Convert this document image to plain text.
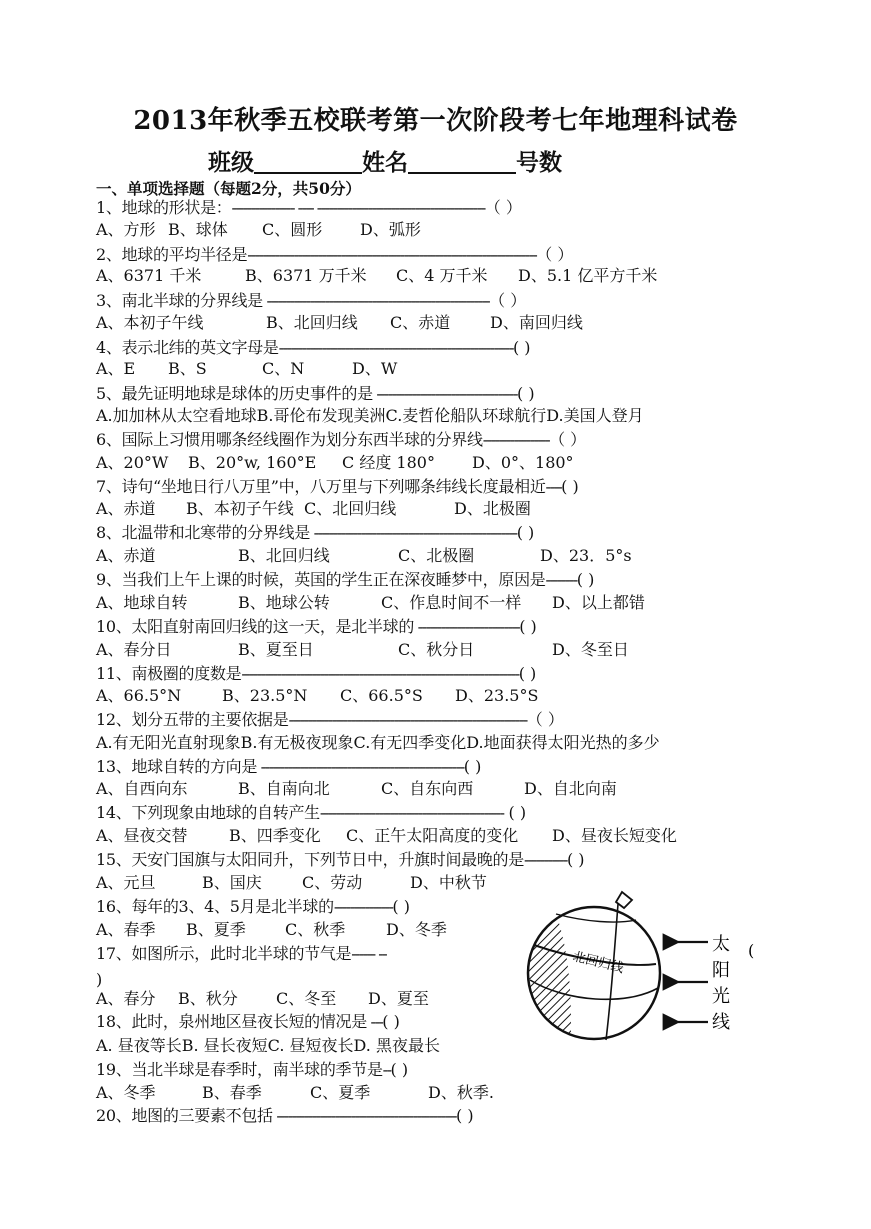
2013年秋季五校联考第一次阶段考七年地理科试卷
班级	姓名	号数
一、单项选择题（每题2分，共50分）
1、地球的形状是：---------------- ---- -------------------------------------------（ ）
A、方形 B、球体 C、圆形 D、弧形
2、地球的平均半径是--------------------------------------------------------------------------（ ）
A、6371 千米	B、6371 万千米 C、4 万千米 D、5.1 亿平方千米
3、南北半球的分界线是 ---------------------------------------------------------（ ）
A、本初子午线	B、北回归线 C、赤道 D、南回归线
4、表示北纬的英文字母是------------------------------------------------------------( )
A、E B、S	C、N	D、W
5、最先证明地球是球体的历史事件的是 ------------------------------------( )
A.加加林从太空看地球B.哥伦布发现美洲C.麦哲伦船队环球航行D.美国人登月
6、国际上习惯用哪条经线圈作为划分东西半球的分界线-----------------（ ）
A、20°W B、20°w, 160°E C 经度 180° D、0°、180°
7、诗句“坐地日行八万里”中，八万里与下列哪条纬线长度最相近----( )
A、赤道 B、本初子午线 C、北回归线	D、北极圈
8、北温带和北寒带的分界线是 ----------------------------------------------------( )
A、赤道	B、北回归线	C、北极圈	D、23．5°s
9、当我们上午上课的时候，英国的学生正在深夜睡梦中，原因是--------( )
A、地球自转	B、地球公转	C、作息时间不一样 D、以上都错
10、太阳直射南回归线的这一天，是北半球的 --------------------------( )
A、春分日	B、夏至日	C、秋分日	D、冬至日
11、南极圈的度数是-----------------------------------------------------------------------( )
A、66.5°N	B、23.5°N C、66.5°S D、23.5°S
12、划分五带的主要依据是-------------------------------------------------------------（ ）
A.有无阳光直射现象B.有无极夜现象C.有无四季变化D.地面获得太阳光热的多少
13、地球自转的方向是 ----------------------------------------------------( )
A、自西向东	B、自南向北	C、自东向西	D、自北向南
14、下列现象由地球的自转产生----------------------------------------------- ( )
A、昼夜交替	B、四季变化 C、正午太阳高度的变化 D、昼夜长短变化
15、天安门国旗与太阳同升，下列节日中，升旗时间最晚的是-----------( )
A、元旦	B、国庆	C、劳动	D、中秋节
16、每年的3、4、5月是北半球的---------------( )
A、春季 B、夏季 C、秋季	D、冬季
17、如图所示，此时北半球的节气是------ --
)
A、春分 B、秋分 C、冬至 D、夏至
18、此时，泉州地区昼夜长短的情况是 ---( )
A. 昼夜等长B. 昼长夜短C. 昼短夜长D. 黑夜最长
19、当北半球是春季时，南半球的季节是--( )
A、冬季	B、春季	C、夏季	D、秋季.
20、地图的三要素不包括 ----------------------------------------------( )
北回归线
太
阳
光
线
(
